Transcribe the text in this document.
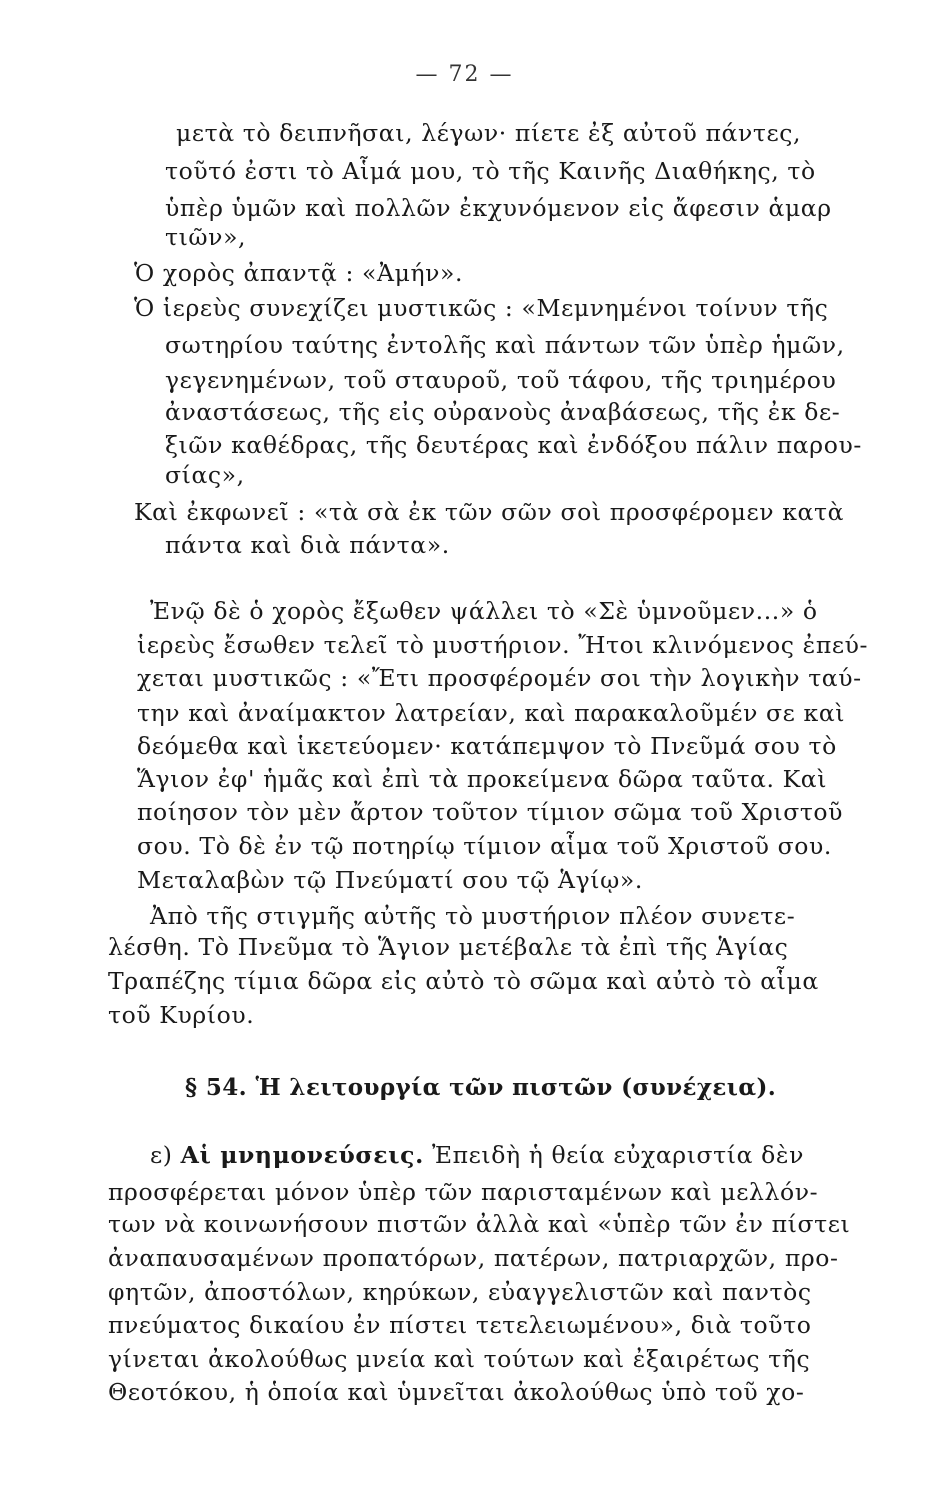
— 72 —
μετὰ τὸ δειπνῆσαι, λέγων· πίετε ἐξ αὐτοῦ πάντες,
τοῦτό ἐστι τὸ Αἷμά μου, τὸ τῆς Καινῆς Διαθήκης, τὸ
ὑπὲρ ὑμῶν καὶ πολλῶν ἐκχυνόμενον εἰς ἄφεσιν ἁμαρ
τιῶν»,
Ὁ χορὸς ἀπαντᾷ : «Ἀμήν».
Ὁ ἱερεὺς συνεχίζει μυστικῶς : «Μεμνημένοι τοίνυν τῆς
σωτηρίου ταύτης ἐντολῆς καὶ πάντων τῶν ὑπὲρ ἡμῶν,
γεγενημένων, τοῦ σταυροῦ, τοῦ τάφου, τῆς τριημέρου
ἀναστάσεως, τῆς εἰς οὐρανοὺς ἀναβάσεως, τῆς ἐκ δε-
ξιῶν καθέδρας, τῆς δευτέρας καὶ ἐνδόξου πάλιν παρου-
σίας»,
Καὶ ἐκφωνεῖ : «τὰ σὰ ἐκ τῶν σῶν σοὶ προσφέρομεν κατὰ
πάντα καὶ διὰ πάντα».
Ἐνῷ δὲ ὁ χορὸς ἔξωθεν ψάλλει τὸ «Σὲ ὑμνοῦμεν...» ὁ
ἱερεὺς ἔσωθεν τελεῖ τὸ μυστήριον. Ἤτοι κλινόμενος ἐπεύ-
χεται μυστικῶς : «Ἔτι προσφέρομέν σοι τὴν λογικὴν ταύ-
την καὶ ἀναίμακτον λατρείαν, καὶ παρακαλοῦμέν σε καὶ
δεόμεθα καὶ ἱκετεύομεν· κατάπεμψον τὸ Πνεῦμά σου τὸ
Ἅγιον ἐφ' ἡμᾶς καὶ ἐπὶ τὰ προκείμενα δῶρα ταῦτα. Καὶ
ποίησον τὸν μὲν ἄρτον τοῦτον τίμιον σῶμα τοῦ Χριστοῦ
σου. Τὸ δὲ ἐν τῷ ποτηρίῳ τίμιον αἷμα τοῦ Χριστοῦ σου.
Μεταλαβὼν τῷ Πνεύματί σου τῷ Ἁγίῳ».
Ἀπὸ τῆς στιγμῆς αὐτῆς τὸ μυστήριον πλέον συνετε-
λέσθη. Τὸ Πνεῦμα τὸ Ἅγιον μετέβαλε τὰ ἐπὶ τῆς Ἁγίας
Τραπέζης τίμια δῶρα εἰς αὐτὸ τὸ σῶμα καὶ αὐτὸ τὸ αἷμα
τοῦ Κυρίου.
§ 54. Ἡ λειτουργία τῶν πιστῶν (συνέχεια).
ε) Αἱ μνημονεύσεις. Ἐπειδὴ ἡ θεία εὐχαριστία δὲν
προσφέρεται μόνον ὑπὲρ τῶν παρισταμένων καὶ μελλόν-
των νὰ κοινωνήσουν πιστῶν ἀλλὰ καὶ «ὑπὲρ τῶν ἐν πίστει
ἀναπαυσαμένων προπατόρων, πατέρων, πατριαρχῶν, προ-
φητῶν, ἀποστόλων, κηρύκων, εὐαγγελιστῶν καὶ παντὸς
πνεύματος δικαίου ἐν πίστει τετελειωμένου», διὰ τοῦτο
γίνεται ἀκολούθως μνεία καὶ τούτων καὶ ἐξαιρέτως τῆς
Θεοτόκου, ἡ ὁποία καὶ ὑμνεῖται ἀκολούθως ὑπὸ τοῦ χο-
